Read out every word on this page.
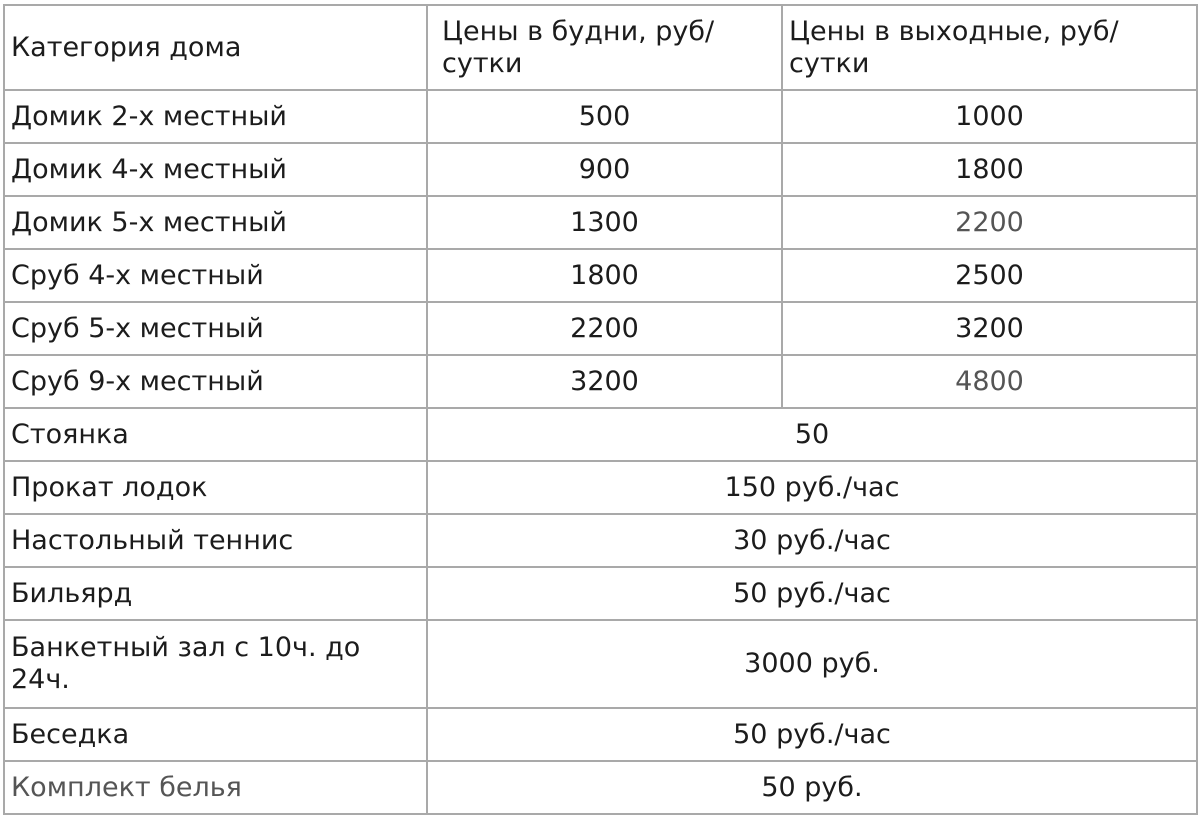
Категория дома	Цены в будни, руб/сутки	Цены в выходные, руб/сутки
Домик 2-х местный	500	1000
Домик 4-х местный	900	1800
Домик 5-х местный	1300	2200
Сруб 4-х местный	1800	2500
Сруб 5-х местный	2200	3200
Сруб 9-х местный	3200	4800
Стоянка	50	
Прокат лодок	150 руб./час	
Настольный теннис	30 руб./час	
Бильярд	50 руб./час	
Банкетный зал с 10ч. до 24ч.	3000 руб.	
Беседка	50 руб./час	
Комплект белья	50 руб.	
